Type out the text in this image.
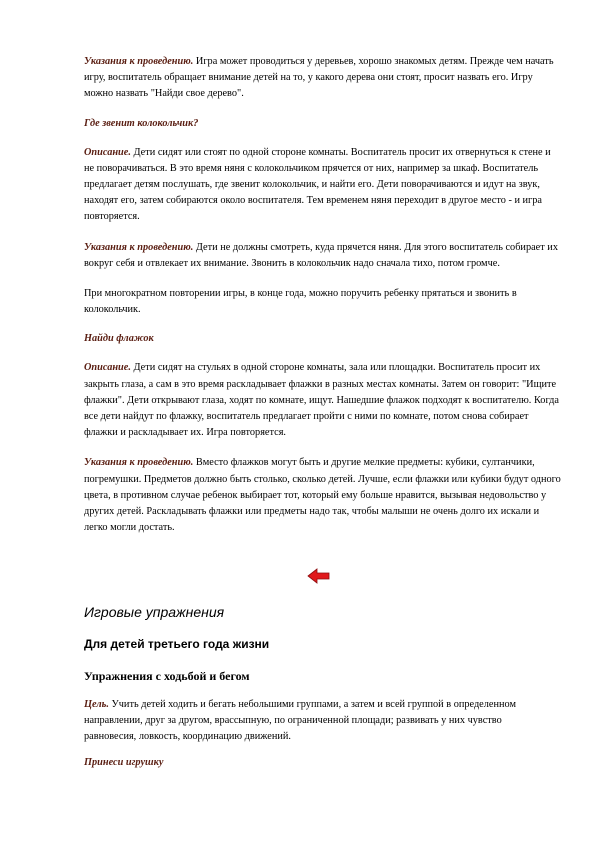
Указания к проведению. Игра может проводиться у деревьев, хорошо знакомых детям. Прежде чем начать игру, воспитатель обращает внимание детей на то, у какого дерева они стоят, просит назвать его. Игру можно назвать "Найди свое дерево".

Где звенит колокольчик?

Описание. Дети сидят или стоят по одной стороне комнаты. Воспитатель просит их отвернуться к стене и не поворачиваться. В это время няня с колокольчиком прячется от них, например за шкаф. Воспитатель предлагает детям послушать, где звенит колокольчик, и найти его. Дети поворачиваются и идут на звук, находят его, затем собираются около воспитателя. Тем временем няня переходит в другое место - и игра повторяется.

Указания к проведению. Дети не должны смотреть, куда прячется няня. Для этого воспитатель собирает их вокруг себя и отвлекает их внимание. Звонить в колокольчик надо сначала тихо, потом громче.

При многократном повторении игры, в конце года, можно поручить ребенку прятаться и звонить в колокольчик.

Найди флажок

Описание. Дети сидят на стульях в одной стороне комнаты, зала или площадки. Воспитатель просит их закрыть глаза, а сам в это время раскладывает флажки в разных местах комнаты. Затем он говорит: "Ищите флажки". Дети открывают глаза, ходят по комнате, ищут. Нашедшие флажок подходят к воспитателю. Когда все дети найдут по флажку, воспитатель предлагает пройти с ними по комнате, потом снова собирает флажки и раскладывает их. Игра повторяется.

Указания к проведению. Вместо флажков могут быть и другие мелкие предметы: кубики, султанчики, погремушки. Предметов должно быть столько, сколько детей. Лучше, если флажки или кубики будут одного цвета, в противном случае ребенок выбирает тот, который ему больше нравится, вызывая недовольство у других детей. Раскладывать флажки или предметы надо так, чтобы малыши не очень долго их искали и легко могли достать.

Игровые упражнения
Для детей третьего года жизни
Упражнения с ходьбой и бегом

Цель. Учить детей ходить и бегать небольшими группами, а затем и всей группой в определенном направлении, друг за другом, врассыпную, по ограниченной площади; развивать у них чувство равновесия, ловкость, координацию движений.

Принеси игрушку
